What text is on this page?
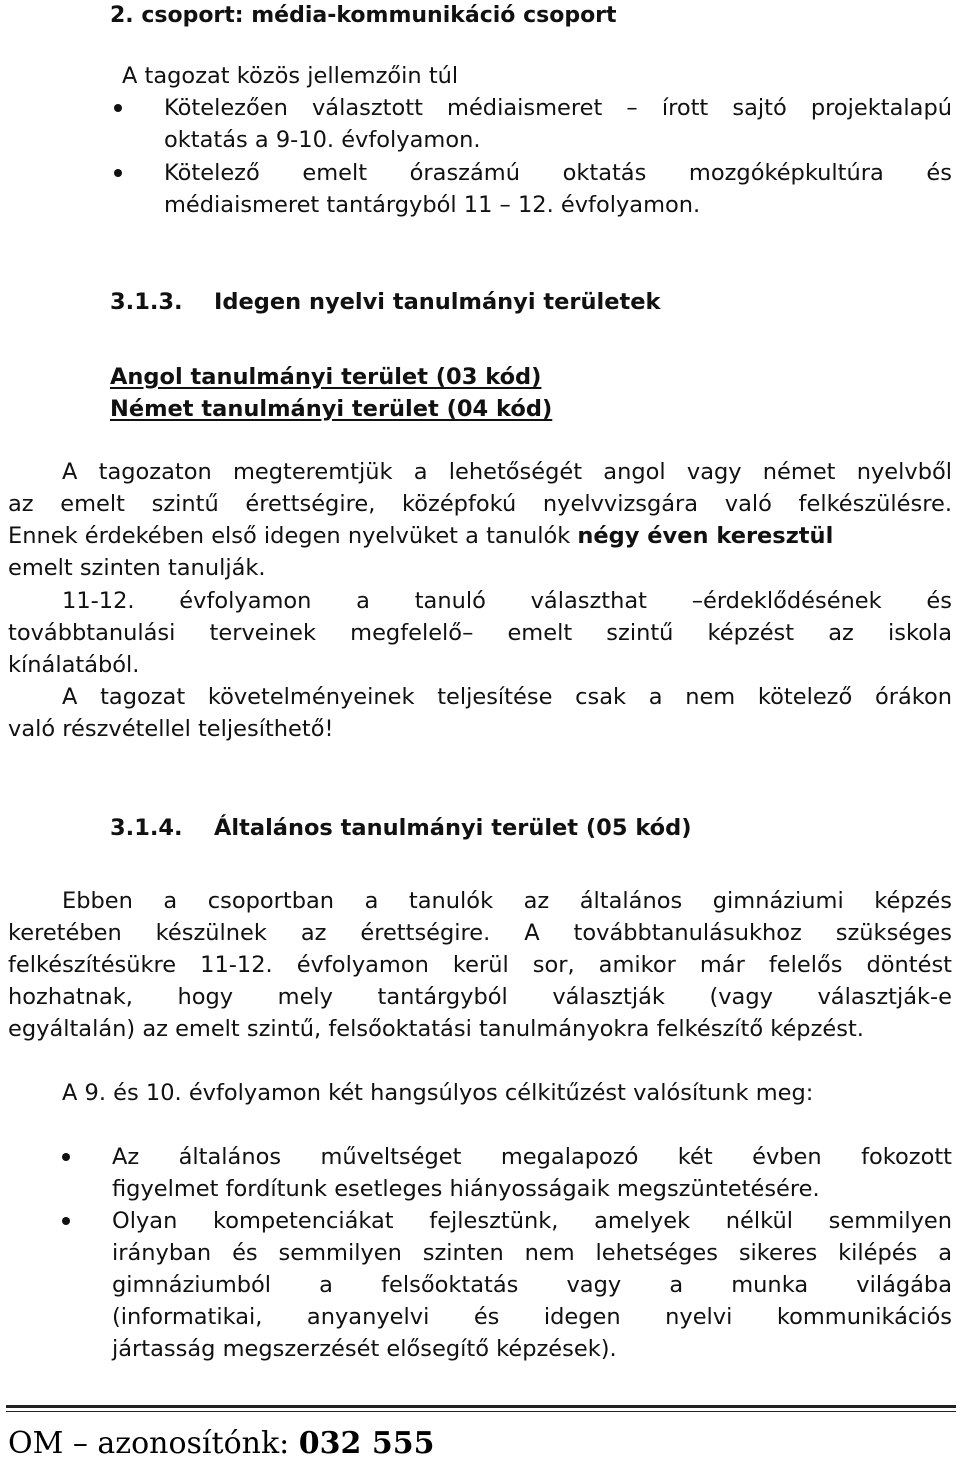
2. csoport: média-kommunikáció csoport
A tagozat közös jellemzőin túl
Kötelezően választott médiaismeret – írott sajtó projektalapú
oktatás a 9-10. évfolyamon.
Kötelező emelt óraszámú oktatás mozgóképkultúra és
médiaismeret tantárgyból 11 – 12. évfolyamon.
3.1.3.	Idegen nyelvi tanulmányi területek
Angol tanulmányi terület (03 kód)
Német tanulmányi terület (04 kód)
A tagozaton megteremtjük a lehetőségét angol vagy német nyelvből
az emelt szintű érettségire, középfokú nyelvvizsgára való felkészülésre.
Ennek érdekében első idegen nyelvüket a tanulók négy éven keresztül
emelt szinten tanulják.
11-12. évfolyamon a tanuló választhat –érdeklődésének és
továbbtanulási terveinek megfelelő– emelt szintű képzést az iskola
kínálatából.
A tagozat követelményeinek teljesítése csak a nem kötelező órákon
való részvétellel teljesíthető!
3.1.4.	Általános tanulmányi terület (05 kód)
Ebben a csoportban a tanulók az általános gimnáziumi képzés
keretében készülnek az érettségire. A továbbtanulásukhoz szükséges
felkészítésükre 11-12. évfolyamon kerül sor, amikor már felelős döntést
hozhatnak, hogy mely tantárgyból választják (vagy választják-e
egyáltalán) az emelt szintű, felsőoktatási tanulmányokra felkészítő képzést.
A 9. és 10. évfolyamon két hangsúlyos célkitűzést valósítunk meg:
Az általános műveltséget megalapozó két évben fokozott
figyelmet fordítunk esetleges hiányosságaik megszüntetésére.
Olyan kompetenciákat fejlesztünk, amelyek nélkül semmilyen
irányban és semmilyen szinten nem lehetséges sikeres kilépés a
gimnáziumból a felsőoktatás vagy a munka világába
(informatikai, anyanyelvi és idegen nyelvi kommunikációs
jártasság megszerzését elősegítő képzések).
OM – azonosítónk: 032 555
